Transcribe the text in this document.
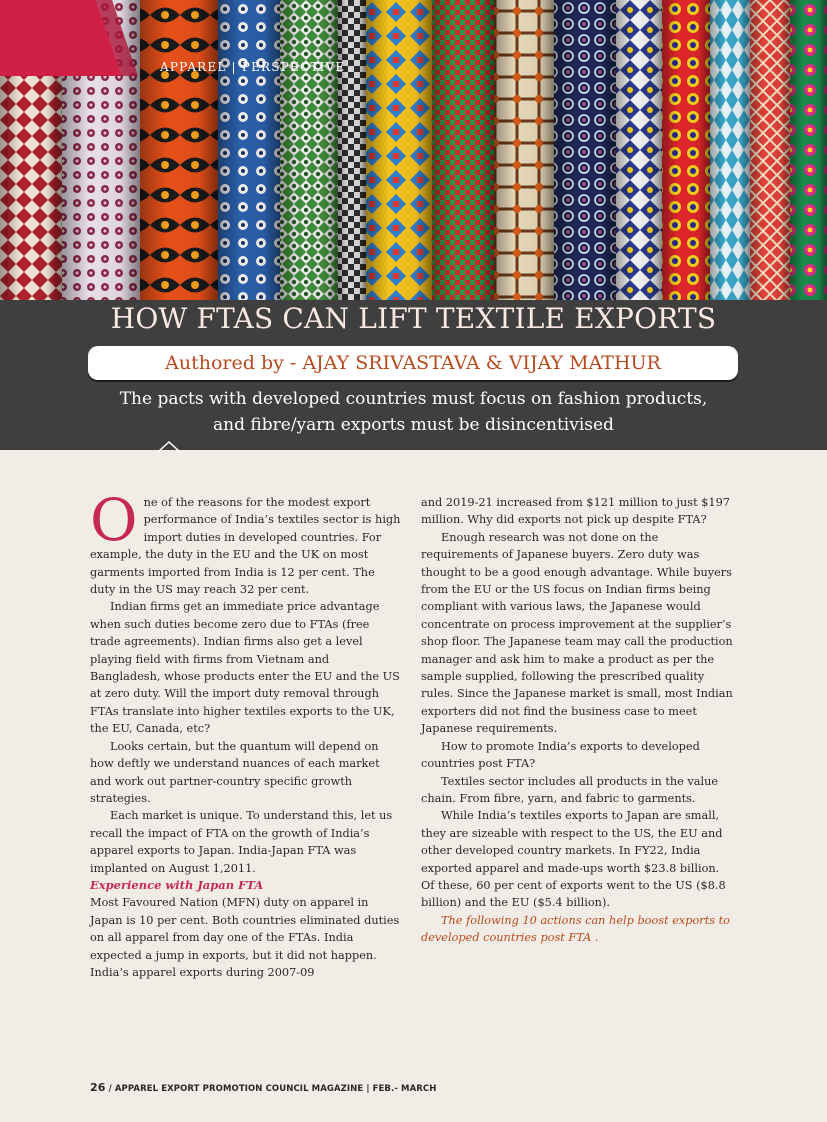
APPAREL | PERSPECTIVE
HOW FTAS CAN LIFT TEXTILE EXPORTS
Authored by - AJAY SRIVASTAVA & VIJAY MATHUR
The pacts with developed countries must focus on fashion products,
and fibre/yarn exports must be disincentivised

One of the reasons for the modest export performance of India’s textiles sector is high import duties in developed countries. For example, the duty in the EU and the UK on most garments imported from India is 12 per cent. The duty in the US may reach 32 per cent.

Indian firms get an immediate price advantage when such duties become zero due to FTAs (free trade agreements). Indian firms also get a level playing field with firms from Vietnam and Bangladesh, whose products enter the EU and the US at zero duty. Will the import duty removal through FTAs translate into higher textiles exports to the UK, the EU, Canada, etc?

Looks certain, but the quantum will depend on how deftly we understand nuances of each market and work out partner-country specific growth strategies.

Each market is unique. To understand this, let us recall the impact of FTA on the growth of India’s apparel exports to Japan. India-Japan FTA was implanted on August 1,2011.

Experience with Japan FTA

Most Favoured Nation (MFN) duty on apparel in Japan is 10 per cent. Both countries eliminated duties on all apparel from day one of the FTAs. India expected a jump in exports, but it did not happen. India’s apparel exports during 2007-09

and 2019-21 increased from $121 million to just $197 million. Why did exports not pick up despite FTA?

Enough research was not done on the requirements of Japanese buyers. Zero duty was thought to be a good enough advantage. While buyers from the EU or the US focus on Indian firms being compliant with various laws, the Japanese would concentrate on process improvement at the supplier’s shop floor. The Japanese team may call the production manager and ask him to make a product as per the sample supplied, following the prescribed quality rules. Since the Japanese market is small, most Indian exporters did not find the business case to meet Japanese requirements.

How to promote India’s exports to developed countries post FTA?

Textiles sector includes all products in the value chain. From fibre, yarn, and fabric to garments.

While India’s textiles exports to Japan are small, they are sizeable with respect to the US, the EU and other developed country markets. In FY22, India exported apparel and made-ups worth $23.8 billion. Of these, 60 per cent of exports went to the US ($8.8 billion) and the EU ($5.4 billion).

The following 10 actions can help boost exports to developed countries post FTA .

26 / APPAREL EXPORT PROMOTION COUNCIL MAGAZINE | FEB.- MARCH
